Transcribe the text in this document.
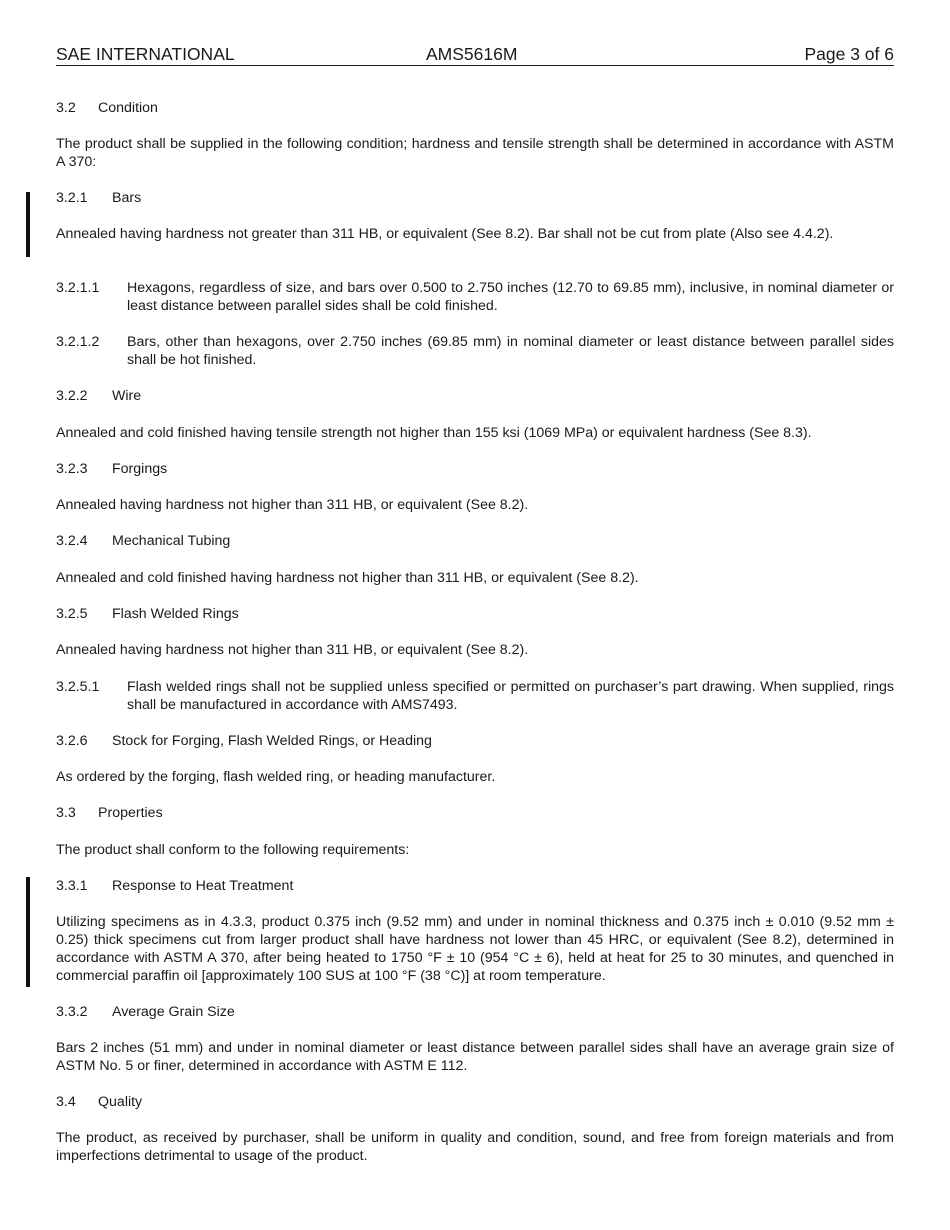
SAE INTERNATIONAL	AMS5616M	Page 3 of 6

3.2 Condition

The product shall be supplied in the following condition; hardness and tensile strength shall be determined in accordance with ASTM A 370:

3.2.1 Bars

Annealed having hardness not greater than 311 HB, or equivalent (See 8.2). Bar shall not be cut from plate (Also see 4.4.2).

3.2.1.1	Hexagons, regardless of size, and bars over 0.500 to 2.750 inches (12.70 to 69.85 mm), inclusive, in nominal diameter or least distance between parallel sides shall be cold finished.

3.2.1.2	Bars, other than hexagons, over 2.750 inches (69.85 mm) in nominal diameter or least distance between parallel sides shall be hot finished.

3.2.2 Wire

Annealed and cold finished having tensile strength not higher than 155 ksi (1069 MPa) or equivalent hardness (See 8.3).

3.2.3 Forgings

Annealed having hardness not higher than 311 HB, or equivalent (See 8.2).

3.2.4 Mechanical Tubing

Annealed and cold finished having hardness not higher than 311 HB, or equivalent (See 8.2).

3.2.5 Flash Welded Rings

Annealed having hardness not higher than 311 HB, or equivalent (See 8.2).

3.2.5.1	Flash welded rings shall not be supplied unless specified or permitted on purchaser’s part drawing. When supplied, rings shall be manufactured in accordance with AMS7493.

3.2.6 Stock for Forging, Flash Welded Rings, or Heading

As ordered by the forging, flash welded ring, or heading manufacturer.

3.3 Properties

The product shall conform to the following requirements:

3.3.1 Response to Heat Treatment

Utilizing specimens as in 4.3.3, product 0.375 inch (9.52 mm) and under in nominal thickness and 0.375 inch ± 0.010 (9.52 mm ± 0.25) thick specimens cut from larger product shall have hardness not lower than 45 HRC, or equivalent (See 8.2), determined in accordance with ASTM A 370, after being heated to 1750 °F ± 10 (954 °C ± 6), held at heat for 25 to 30 minutes, and quenched in commercial paraffin oil [approximately 100 SUS at 100 °F (38 °C)] at room temperature.

3.3.2 Average Grain Size

Bars 2 inches (51 mm) and under in nominal diameter or least distance between parallel sides shall have an average grain size of ASTM No. 5 or finer, determined in accordance with ASTM E 112.

3.4 Quality

The product, as received by purchaser, shall be uniform in quality and condition, sound, and free from foreign materials and from imperfections detrimental to usage of the product.
